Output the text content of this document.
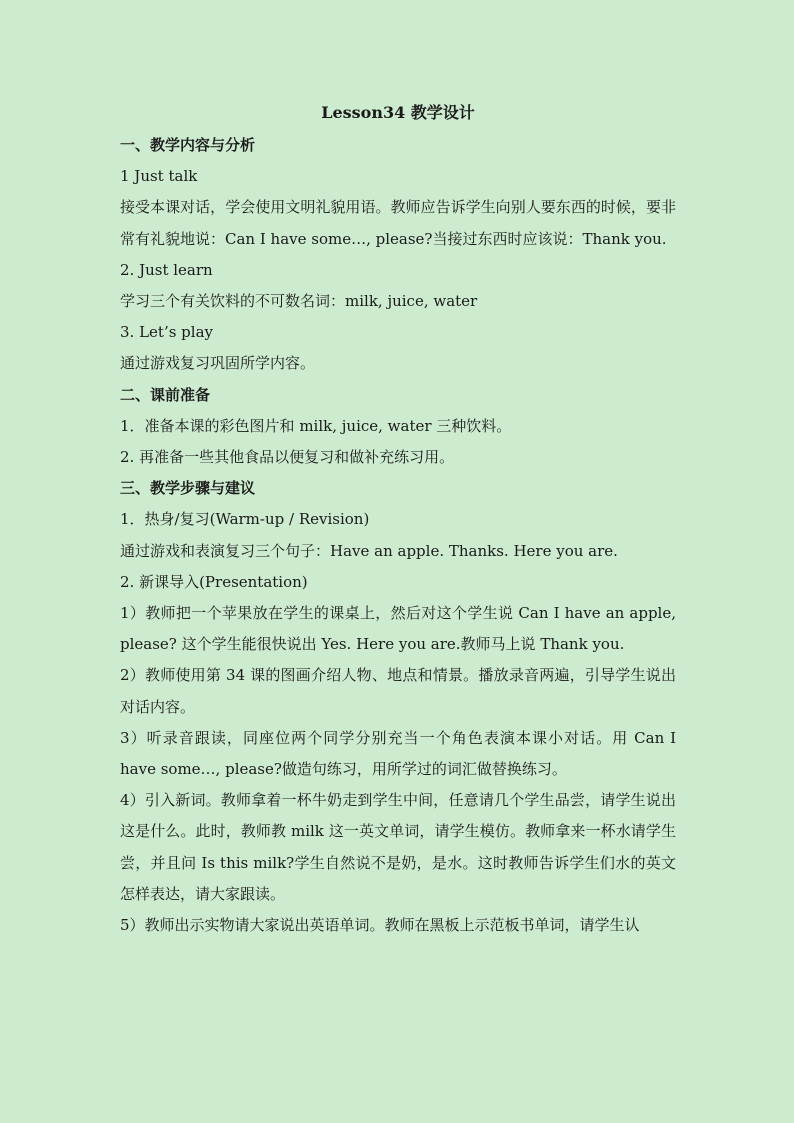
Lesson34 教学设计

一、教学内容与分析

1 Just talk

接受本课对话，学会使用文明礼貌用语。教师应告诉学生向别人要东西的时候，要非常有礼貌地说：Can I have some…, please?当接过东西时应该说：Thank you.

2. Just learn

学习三个有关饮料的不可数名词：milk, juice, water

3. Let’s play

通过游戏复习巩固所学内容。

二、课前准备

1．准备本课的彩色图片和 milk, juice, water 三种饮料。

2. 再准备一些其他食品以便复习和做补充练习用。

三、教学步骤与建议

1．热身/复习(Warm-up / Revision)

通过游戏和表演复习三个句子：Have an apple. Thanks. Here you are.

2. 新课导入(Presentation)

1）教师把一个苹果放在学生的课桌上，然后对这个学生说 Can I have an apple, please? 这个学生能很快说出 Yes. Here you are.教师马上说 Thank you.

2）教师使用第 34 课的图画介绍人物、地点和情景。播放录音两遍，引导学生说出对话内容。

3）听录音跟读，同座位两个同学分别充当一个角色表演本课小对话。用 Can I have some…, please?做造句练习，用所学过的词汇做替换练习。

4）引入新词。教师拿着一杯牛奶走到学生中间，任意请几个学生品尝，请学生说出这是什么。此时，教师教 milk 这一英文单词，请学生模仿。教师拿来一杯水请学生尝，并且问 Is this milk?学生自然说不是奶，是水。这时教师告诉学生们水的英文怎样表达，请大家跟读。

5）教师出示实物请大家说出英语单词。教师在黑板上示范板书单词，请学生认
